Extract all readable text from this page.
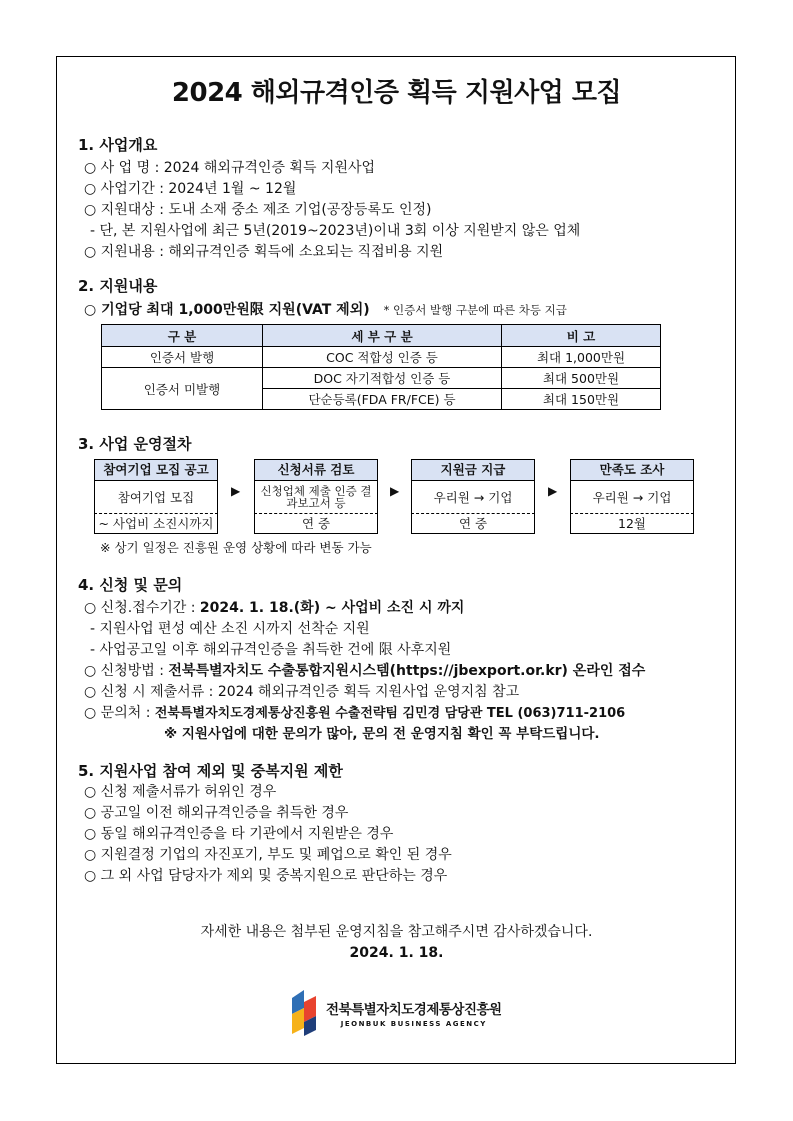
2024 해외규격인증 획득 지원사업 모집
1. 사업개요
○ 사 업 명 : 2024 해외규격인증 획득 지원사업
○ 사업기간 : 2024년 1월 ~ 12월
○ 지원대상 : 도내 소재 중소 제조 기업(공장등록도 인정)
- 단, 본 지원사업에 최근 5년(2019~2023년)이내 3회 이상 지원받지 않은 업체
○ 지원내용 : 해외규격인증 획득에 소요되는 직접비용 지원
2. 지원내용
○ 기업당 최대 1,000만원限 지원(VAT 제외) * 인증서 발행 구분에 따른 차등 지급
구 분	세 부 구 분	비 고
인증서 발행	COC 적합성 인증 등	최대 1,000만원
인증서 미발행	DOC 자기적합성 인증 등	최대 500만원
	단순등록(FDA FR/FCE) 등	최대 150만원
3. 사업 운영절차
참여기업 모집 공고
참여기업 모집
~ 사업비 소진시까지
▶
신청서류 검토
신청업체 제출 인증 결과보고서 등
연 중
▶
지원금 지급
우리원 → 기업
연 중
▶
만족도 조사
우리원 → 기업
12월
※ 상기 일정은 진흥원 운영 상황에 따라 변동 가능
4. 신청 및 문의
○ 신청.접수기간 : 2024. 1. 18.(화) ~ 사업비 소진 시 까지
- 지원사업 편성 예산 소진 시까지 선착순 지원
- 사업공고일 이후 해외규격인증을 취득한 건에 限 사후지원
○ 신청방법 : 전북특별자치도 수출통합지원시스템(https://jbexport.or.kr) 온라인 접수
○ 신청 시 제출서류 : 2024 해외규격인증 획득 지원사업 운영지침 참고
○ 문의처 : 전북특별자치도경제통상진흥원 수출전략팀 김민경 담당관 TEL (063)711-2106
※ 지원사업에 대한 문의가 많아, 문의 전 운영지침 확인 꼭 부탁드립니다.
5. 지원사업 참여 제외 및 중복지원 제한
○ 신청 제출서류가 허위인 경우
○ 공고일 이전 해외규격인증을 취득한 경우
○ 동일 해외규격인증을 타 기관에서 지원받은 경우
○ 지원결정 기업의 자진포기, 부도 및 폐업으로 확인 된 경우
○ 그 외 사업 담당자가 제외 및 중복지원으로 판단하는 경우
자세한 내용은 첨부된 운영지침을 참고해주시면 감사하겠습니다.
2024. 1. 18.
전북특별자치도경제통상진흥원
JEONBUK BUSINESS AGENCY
